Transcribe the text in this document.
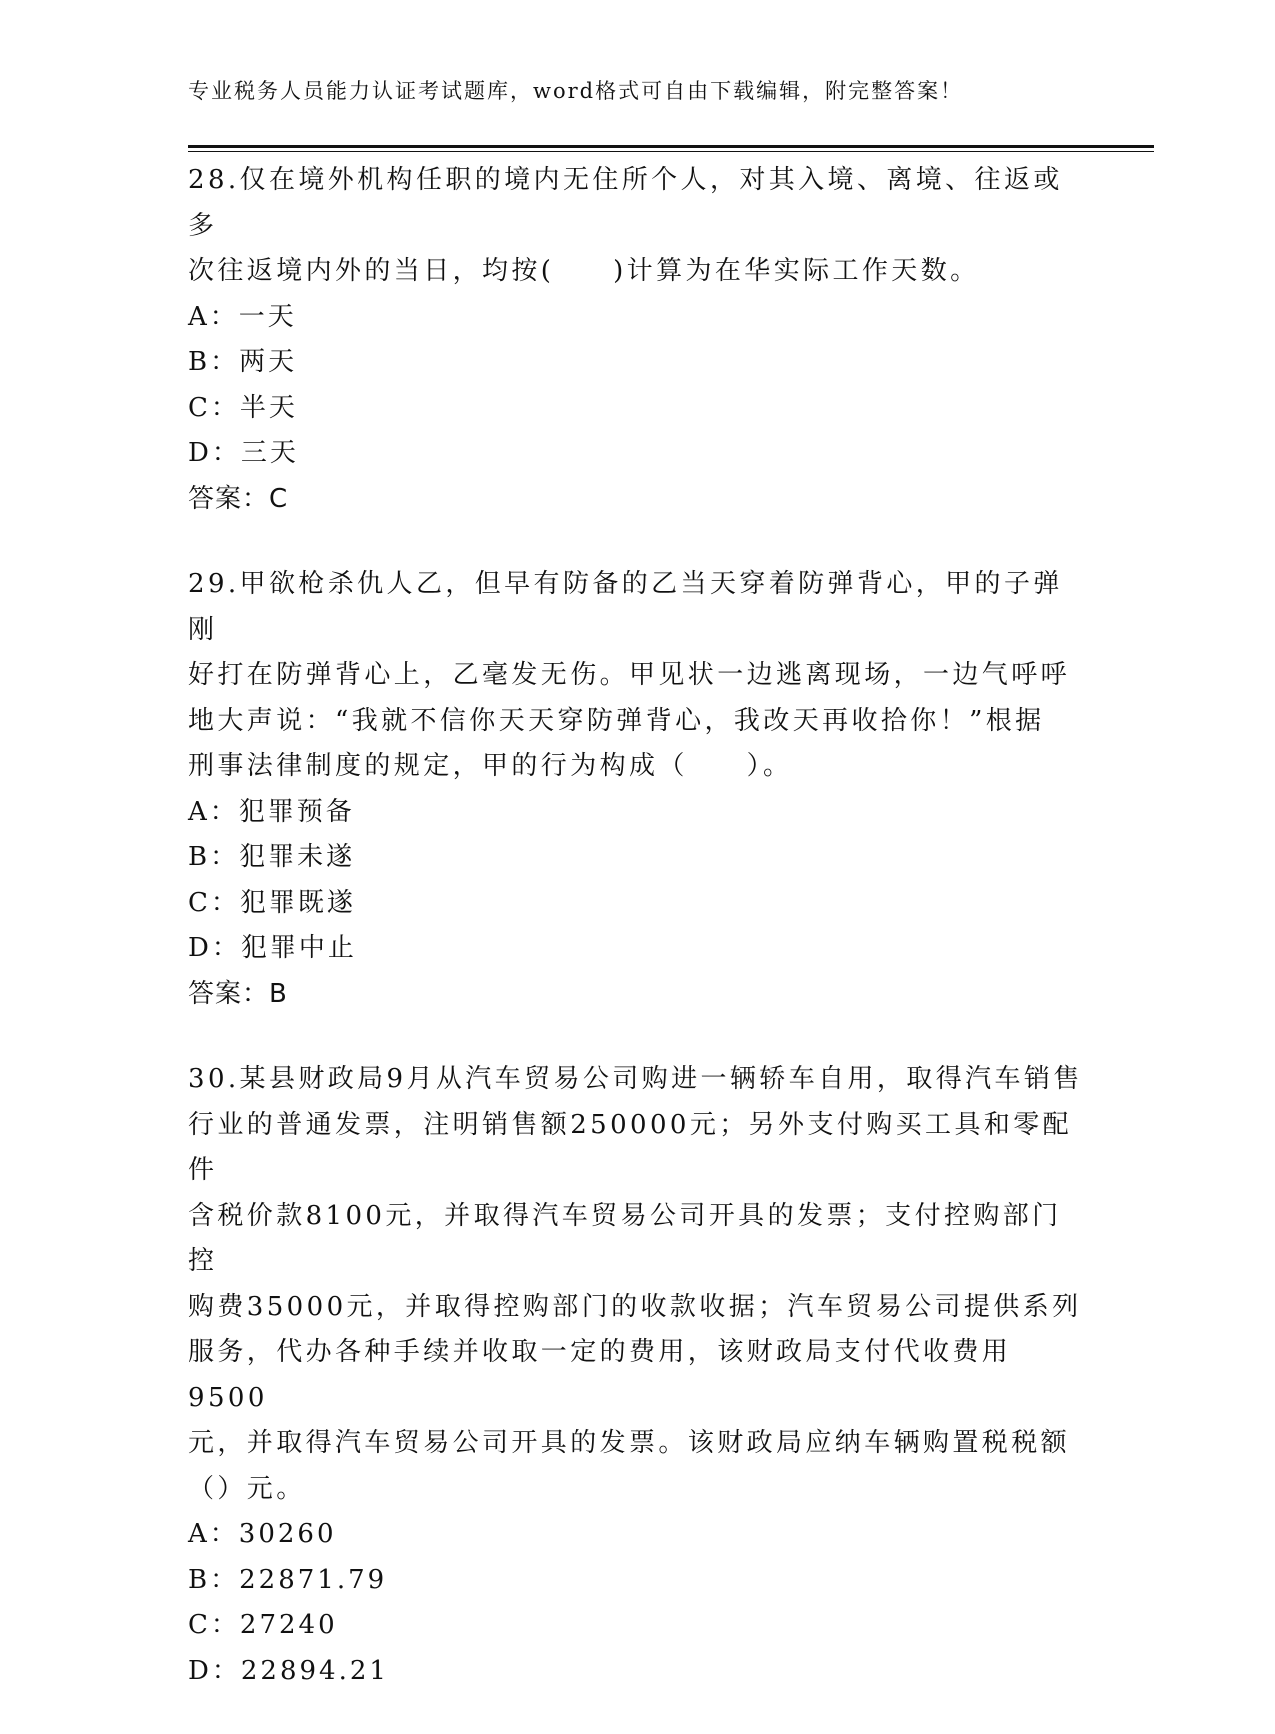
专业税务人员能力认证考试题库，word格式可自由下载编辑，附完整答案！

28.仅在境外机构任职的境内无住所个人，对其入境、离境、往返或多

次往返境内外的当日，均按(　　)计算为在华实际工作天数。

A：一天

B：两天

C：半天

D：三天

答案：C

29.甲欲枪杀仇人乙，但早有防备的乙当天穿着防弹背心，甲的子弹刚

好打在防弹背心上，乙毫发无伤。甲见状一边逃离现场，一边气呼呼

地大声说：“我就不信你天天穿防弹背心，我改天再收拾你！”根据

刑事法律制度的规定，甲的行为构成（　　）。

A：犯罪预备

B：犯罪未遂

C：犯罪既遂

D：犯罪中止

答案：B

30.某县财政局9月从汽车贸易公司购进一辆轿车自用，取得汽车销售

行业的普通发票，注明销售额250000元；另外支付购买工具和零配件

含税价款8100元，并取得汽车贸易公司开具的发票；支付控购部门控

购费35000元，并取得控购部门的收款收据；汽车贸易公司提供系列

服务，代办各种手续并收取一定的费用，该财政局支付代收费用9500

元，并取得汽车贸易公司开具的发票。该财政局应纳车辆购置税税额

（）元。

A：30260

B：22871.79

C：27240

D：22894.21
